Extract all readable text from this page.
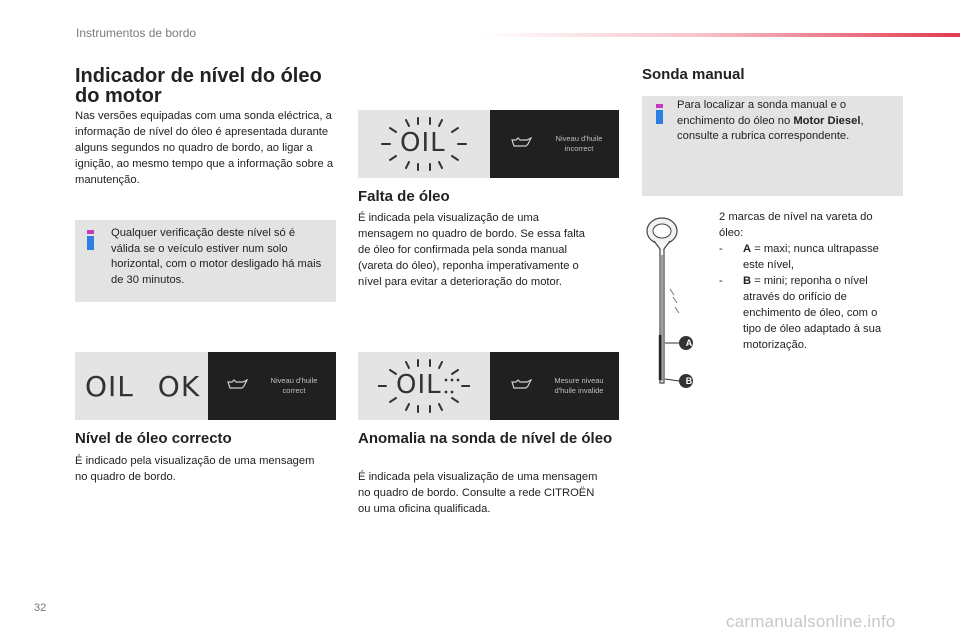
Instrumentos de bordo
Indicador de nível do óleo do motor
Nas versões equipadas com uma sonda eléctrica, a informação de nível do óleo é apresentada durante alguns segundos no quadro de bordo, ao ligar a ignição, ao mesmo tempo que a informação sobre a manutenção.
Qualquer verificação deste nível só é válida se o veículo estiver num solo horizontal, com o motor desligado há mais de 30 minutos.
OIL OK	Niveau d'huile correct
Nível de óleo correcto
É indicado pela visualização de uma mensagem no quadro de bordo.
OIL	Niveau d'huile incorrect
Falta de óleo
É indicada pela visualização de uma mensagem no quadro de bordo. Se essa falta de óleo for confirmada pela sonda manual (vareta do óleo), reponha imperativamente o nível para evitar a deterioração do motor.
OIL	Mesure niveau d'huile invalide
Anomalia na sonda de nível de óleo
É indicada pela visualização de uma mensagem no quadro de bordo. Consulte a rede CITROËN ou uma oficina qualificada.
Sonda manual
Para localizar a sonda manual e o enchimento do óleo no Motor Diesel, consulte a rubrica correspondente.
A
B
2 marcas de nível na vareta do óleo:
-	A = maxi; nunca ultrapasse este nível,
-	B = mini; reponha o nível através do orifício de enchimento de óleo, com o tipo de óleo adaptado à sua motorização.
32
carmanualsonline.info
